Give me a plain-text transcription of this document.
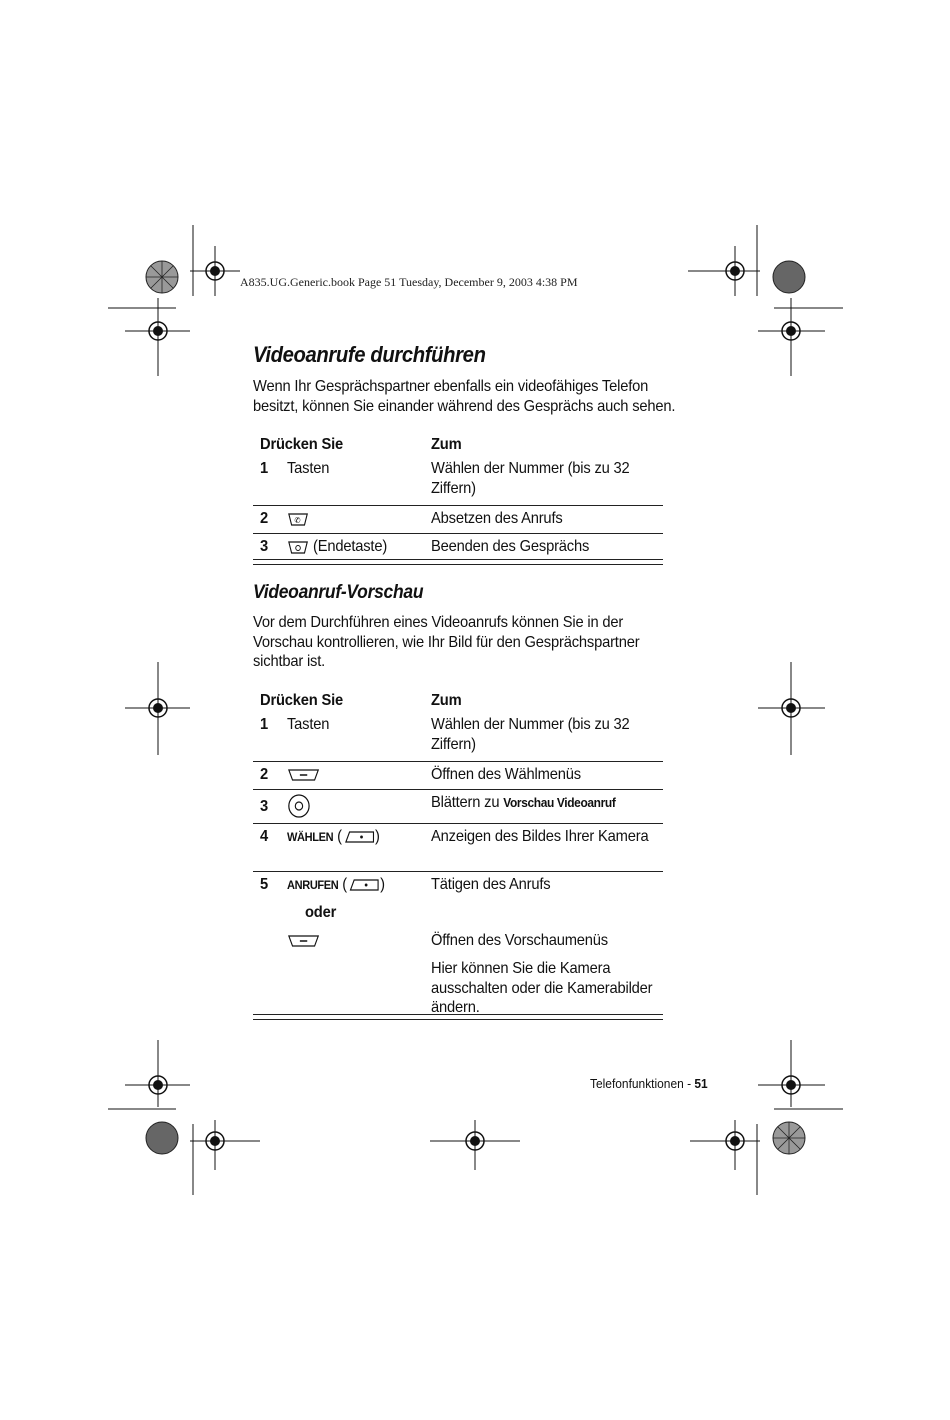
A835.UG.Generic.book Page 51 Tuesday, December 9, 2003 4:38 PM
Videoanrufe durchführen
Wenn Ihr Gesprächspartner ebenfalls ein videofähiges Telefon besitzt, können Sie einander während des Gesprächs auch sehen.
Drücken Sie	Zum
1 Tasten	Wählen der Nummer (bis zu 32 Ziffern)
2	✆	Absetzen des Anrufs
3	(Endetaste)	Beenden des Gesprächs
Videoanruf-Vorschau
Vor dem Durchführen eines Videoanrufs können Sie in der Vorschau kontrollieren, wie Ihr Bild für den Gesprächspartner sichtbar ist.
Drücken Sie	Zum
1 Tasten	Wählen der Nummer (bis zu 32 Ziffern)
2	Öffnen des Wählmenüs
3	Blättern zu Vorschau Videoanruf
4 WÄHLEN ( )	Anzeigen des Bildes Ihrer Kamera
5 ANRUFEN ( )	Tätigen des Anrufs
oder
Öffnen des Vorschaumenüs
Hier können Sie die Kamera ausschalten oder die Kamerabilder ändern.
Telefonfunktionen - 51
